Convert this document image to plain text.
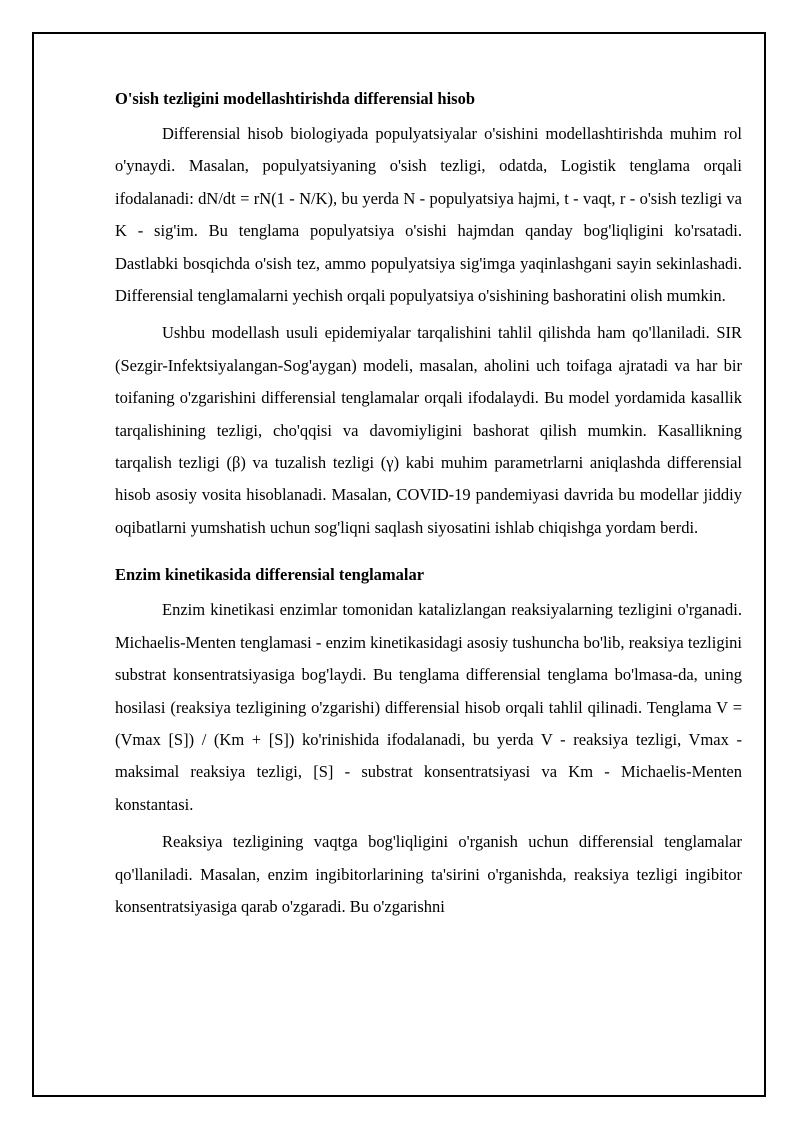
O'sish tezligini modellashtirishda differensial hisob

Differensial hisob biologiyada populyatsiyalar o'sishini modellashtirishda muhim rol o'ynaydi. Masalan, populyatsiyaning o'sish tezligi, odatda, Logistik tenglama orqali ifodalanadi: dN/dt = rN(1 - N/K), bu yerda N - populyatsiya hajmi, t - vaqt, r - o'sish tezligi va K - sig'im. Bu tenglama populyatsiya o'sishi hajmdan qanday bog'liqligini ko'rsatadi. Dastlabki bosqichda o'sish tez, ammo populyatsiya sig'imga yaqinlashgani sayin sekinlashadi. Differensial tenglamalarni yechish orqali populyatsiya o'sishining bashoratini olish mumkin.

Ushbu modellash usuli epidemiyalar tarqalishini tahlil qilishda ham qo'llaniladi. SIR (Sezgir-Infektsiyalangan-Sog'aygan) modeli, masalan, aholini uch toifaga ajratadi va har bir toifaning o'zgarishini differensial tenglamalar orqali ifodalaydi. Bu model yordamida kasallik tarqalishining tezligi, cho'qqisi va davomiyligini bashorat qilish mumkin. Kasallikning tarqalish tezligi (β) va tuzalish tezligi (γ) kabi muhim parametrlarni aniqlashda differensial hisob asosiy vosita hisoblanadi. Masalan, COVID-19 pandemiyasi davrida bu modellar jiddiy oqibatlarni yumshatish uchun sog'liqni saqlash siyosatini ishlab chiqishga yordam berdi.

Enzim kinetikasida differensial tenglamalar

Enzim kinetikasi enzimlar tomonidan katalizlangan reaksiyalarning tezligini o'rganadi. Michaelis-Menten tenglamasi - enzim kinetikasidagi asosiy tushuncha bo'lib, reaksiya tezligini substrat konsentratsiyasiga bog'laydi. Bu tenglama differensial tenglama bo'lmasa-da, uning hosilasi (reaksiya tezligining o'zgarishi) differensial hisob orqali tahlil qilinadi. Tenglama V = (Vmax [S]) / (Km + [S]) ko'rinishida ifodalanadi, bu yerda V - reaksiya tezligi, Vmax - maksimal reaksiya tezligi, [S] - substrat konsentratsiyasi va Km - Michaelis-Menten konstantasi.

Reaksiya tezligining vaqtga bog'liqligini o'rganish uchun differensial tenglamalar qo'llaniladi. Masalan, enzim ingibitorlarining ta'sirini o'rganishda, reaksiya tezligi ingibitor konsentratsiyasiga qarab o'zgaradi. Bu o'zgarishni
